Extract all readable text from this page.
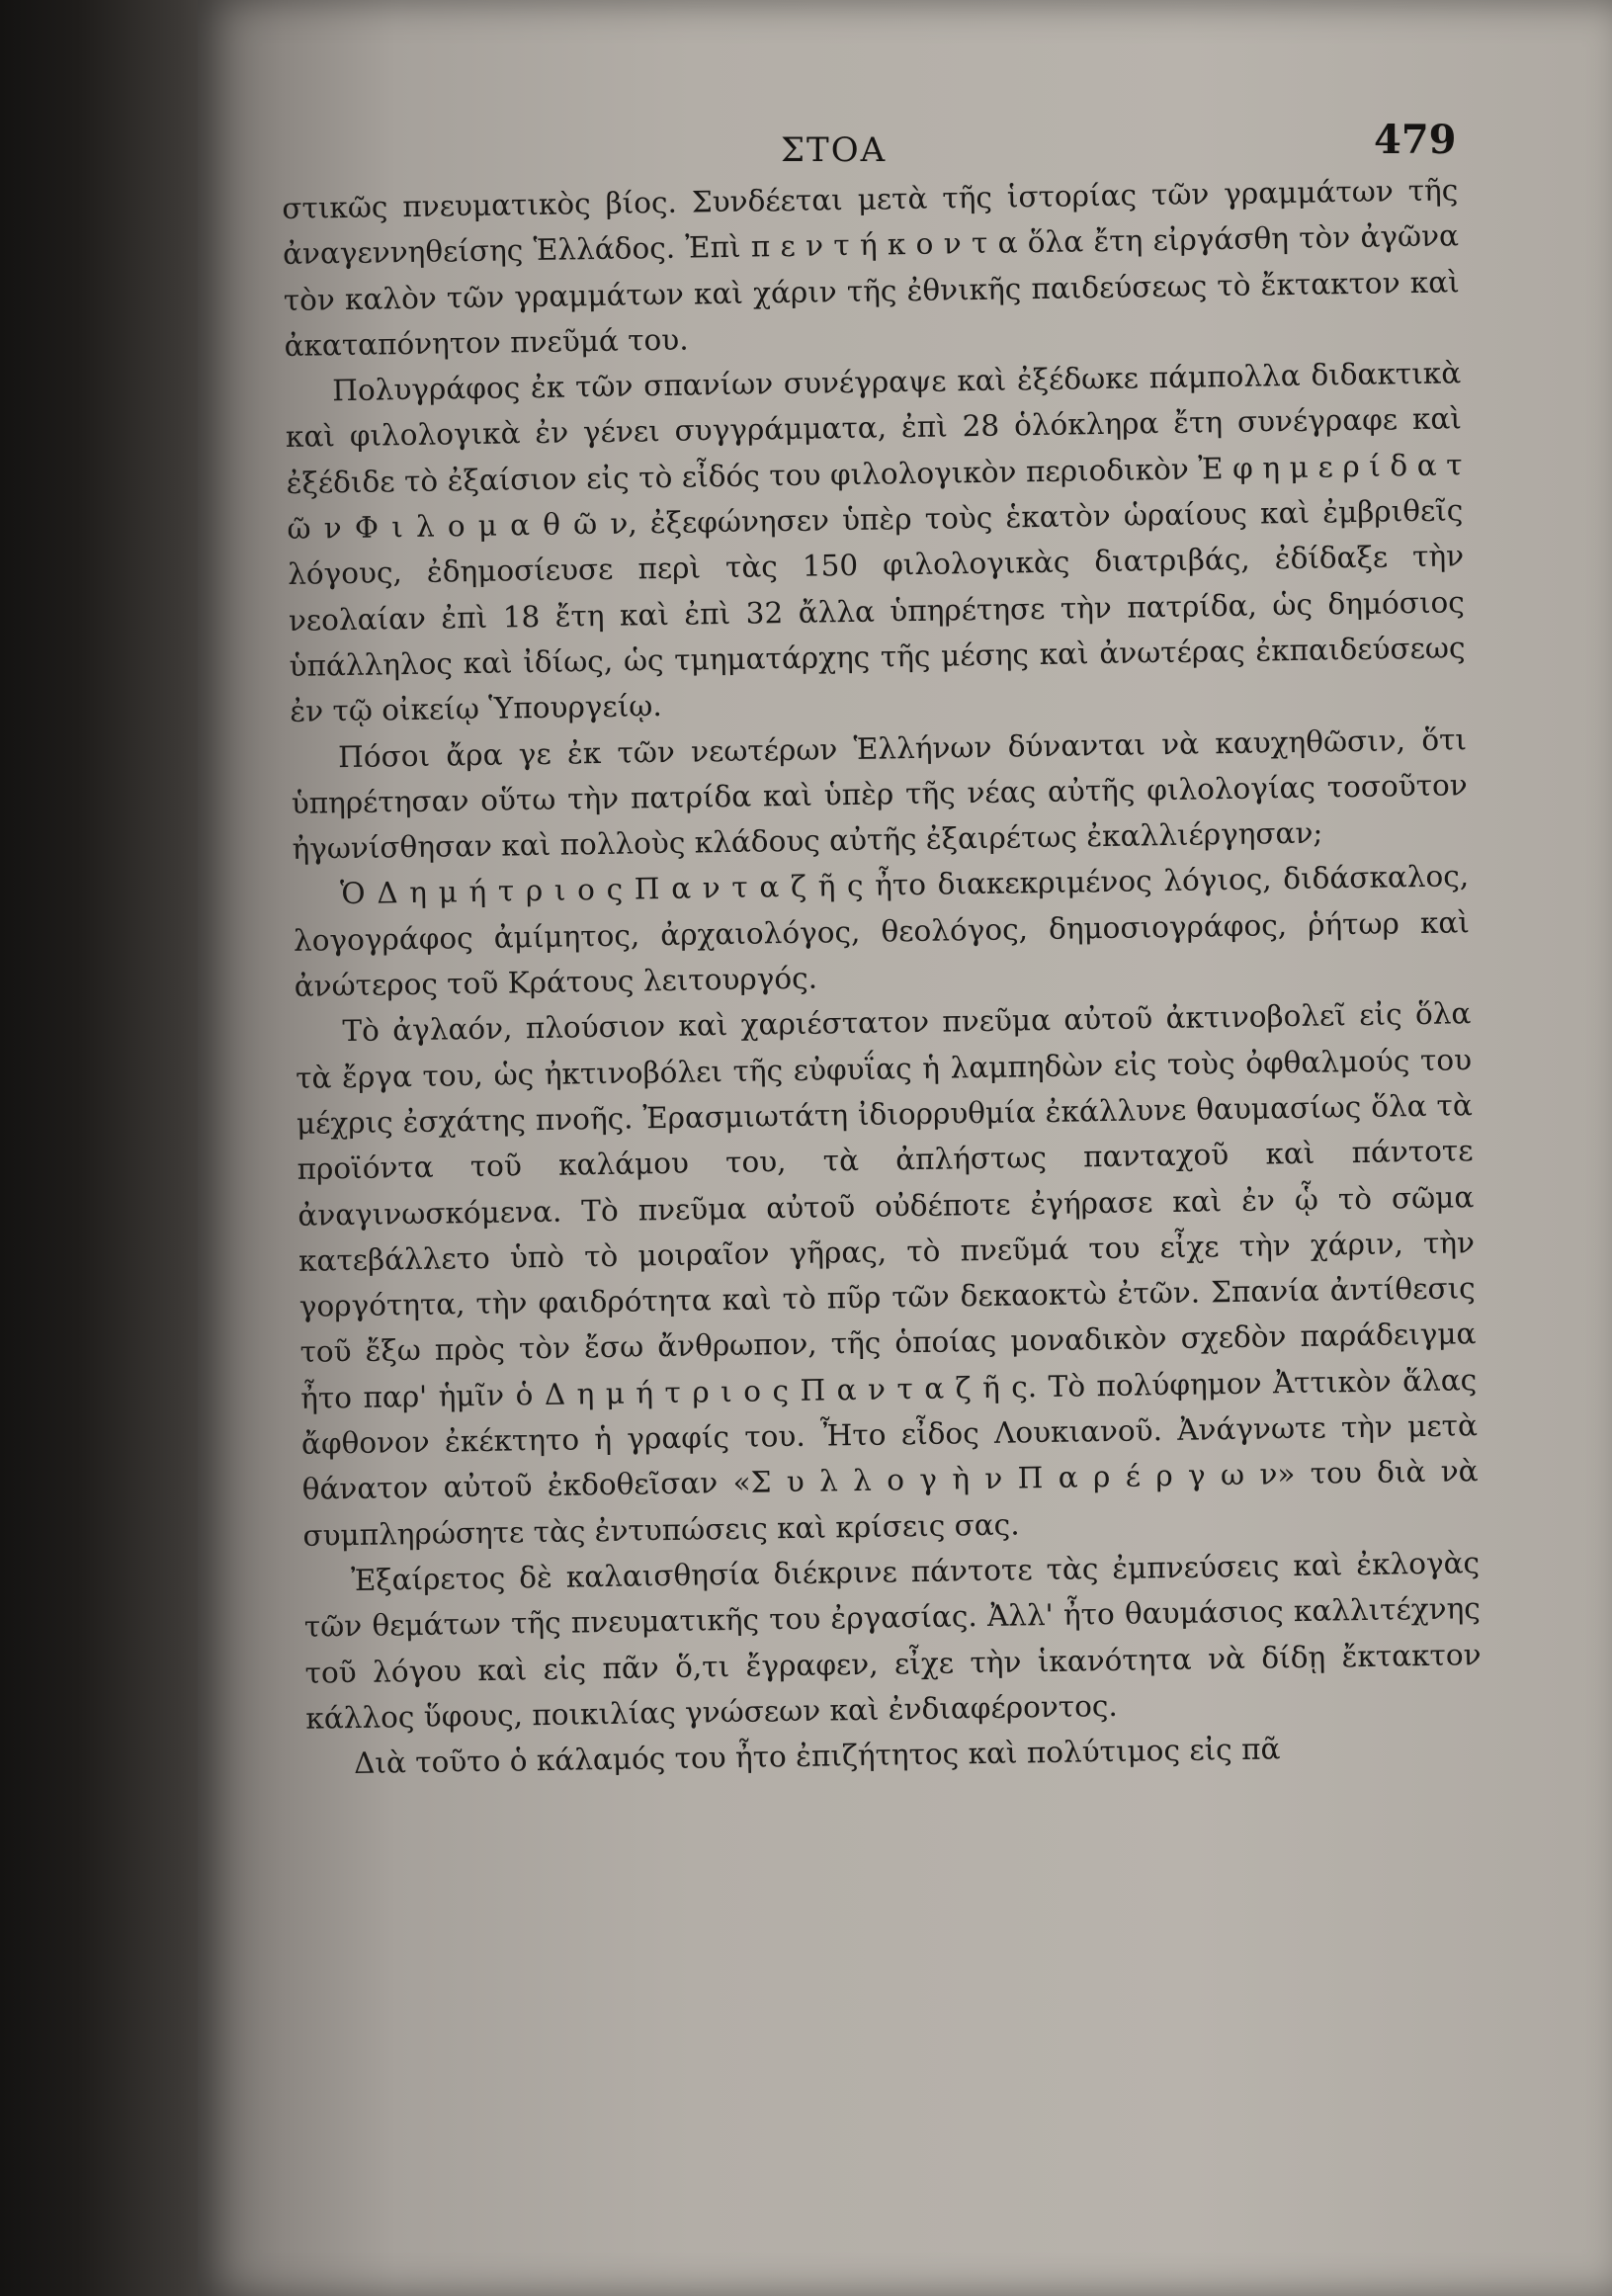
ΣΤΟΑ	479

στικῶς πνευματικὸς βίος. Συνδέεται μετὰ τῆς ἱστορίας τῶν γραμμάτων τῆς ἀναγεννηθείσης Ἑλλάδος. Ἐπὶ π ε ν τ ή κ ο ν τ α ὅλα ἔτη εἰργάσθη τὸν ἀγῶνα τὸν καλὸν τῶν γραμμάτων καὶ χάριν τῆς ἐθνικῆς παιδεύσεως τὸ ἔκτακτον καὶ ἀκαταπόνητον πνεῦμά του.

Πολυγράφος ἐκ τῶν σπανίων συνέγραψε καὶ ἐξέδωκε πάμπολλα διδακτικὰ καὶ φιλολογικὰ ἐν γένει συγγράμματα, ἐπὶ 28 ὁλόκληρα ἔτη συνέγραφε καὶ ἐξέδιδε τὸ ἐξαίσιον εἰς τὸ εἶδός του φιλολογικὸν περιοδικὸν Ἐ φ η μ ε ρ ί δ α τ ῶ ν Φ ι λ ο μ α θ ῶ ν, ἐξεφώνησεν ὑπὲρ τοὺς ἑκατὸν ὡραίους καὶ ἐμβριθεῖς λόγους, ἐδημοσίευσε περὶ τὰς 150 φιλολογικὰς διατριβάς, ἐδίδαξε τὴν νεολαίαν ἐπὶ 18 ἔτη καὶ ἐπὶ 32 ἄλλα ὑπηρέτησε τὴν πατρίδα, ὡς δημόσιος ὑπάλληλος καὶ ἰδίως, ὡς τμηματάρχης τῆς μέσης καὶ ἀνωτέρας ἐκπαιδεύσεως ἐν τῷ οἰκείῳ Ὑπουργείῳ.

Πόσοι ἄρα γε ἐκ τῶν νεωτέρων Ἑλλήνων δύνανται νὰ καυχηθῶσιν, ὅτι ὑπηρέτησαν οὕτω τὴν πατρίδα καὶ ὑπὲρ τῆς νέας αὐτῆς φιλολογίας τοσοῦτον ἠγωνίσθησαν καὶ πολλοὺς κλάδους αὐτῆς ἐξαιρέτως ἐκαλλιέργησαν;

Ὁ Δ η μ ή τ ρ ι ο ς Π α ν τ α ζ ῆ ς ἦτο διακεκριμένος λόγιος, διδάσκαλος, λογογράφος ἀμίμητος, ἀρχαιολόγος, θεολόγος, δημοσιογράφος, ῥήτωρ καὶ ἀνώτερος τοῦ Κράτους λειτουργός.

Τὸ ἀγλαόν, πλούσιον καὶ χαριέστατον πνεῦμα αὐτοῦ ἀκτινοβολεῖ εἰς ὅλα τὰ ἔργα του, ὡς ἠκτινοβόλει τῆς εὐφυΐας ἡ λαμπηδὼν εἰς τοὺς ὀφθαλμούς του μέχρις ἐσχάτης πνοῆς. Ἐρασμιωτάτη ἰδιορρυθμία ἐκάλλυνε θαυμασίως ὅλα τὰ προϊόντα τοῦ καλάμου του, τὰ ἀπλήστως πανταχοῦ καὶ πάντοτε ἀναγινωσκόμενα. Τὸ πνεῦμα αὐτοῦ οὐδέποτε ἐγήρασε καὶ ἐν ᾧ τὸ σῶμα κατεβάλλετο ὑπὸ τὸ μοιραῖον γῆρας, τὸ πνεῦμά του εἶχε τὴν χάριν, τὴν γοργότητα, τὴν φαιδρότητα καὶ τὸ πῦρ τῶν δεκαοκτὼ ἐτῶν. Σπανία ἀντίθεσις τοῦ ἔξω πρὸς τὸν ἔσω ἄνθρωπον, τῆς ὁποίας μοναδικὸν σχεδὸν παράδειγμα ἦτο παρ' ἡμῖν ὁ Δ η μ ή τ ρ ι ο ς Π α ν τ α ζ ῆ ς. Τὸ πολύφημον Ἀττικὸν ἅλας ἄφθονον ἐκέκτητο ἡ γραφίς του. Ἦτο εἶδος Λουκιανοῦ. Ἀνάγνωτε τὴν μετὰ θάνατον αὐτοῦ ἐκδοθεῖσαν «Σ υ λ λ ο γ ὴ ν Π α ρ έ ρ γ ω ν» του διὰ νὰ συμπληρώσητε τὰς ἐντυπώσεις καὶ κρίσεις σας.

Ἐξαίρετος δὲ καλαισθησία διέκρινε πάντοτε τὰς ἐμπνεύσεις καὶ ἐκλογὰς τῶν θεμάτων τῆς πνευματικῆς του ἐργασίας. Ἀλλ' ἦτο θαυμάσιος καλλιτέχνης τοῦ λόγου καὶ εἰς πᾶν ὅ,τι ἔγραφεν, εἶχε τὴν ἱκανότητα νὰ δίδῃ ἔκτακτον κάλλος ὕφους, ποικιλίας γνώσεων καὶ ἐνδιαφέροντος.

Διὰ τοῦτο ὁ κάλαμός του ἦτο ἐπιζήτητος καὶ πολύτιμος εἰς πᾶ
